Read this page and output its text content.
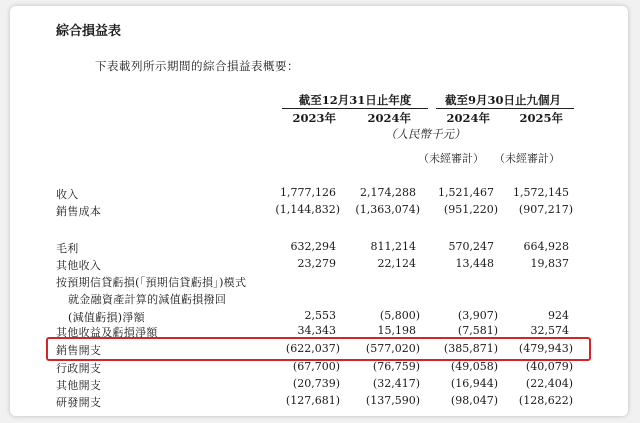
綜合損益表
下表載列所示期間的綜合損益表概要：
截至12月31日止年度	截至9月30日止九個月
2023年	2024年	2024年	2025年
（人民幣千元）
（未經審計） （未經審計）
收入	1,777,126	2,174,288	1,521,467	1,572,145
銷售成本	(1,144,832)	(1,363,074)	(951,220)	(907,217)
毛利	632,294	811,214	570,247	664,928
其他收入	23,279	22,124	13,448	19,837
按預期信貸虧損(「預期信貸虧損」)模式
就金融資產計算的減值虧損撥回
(減值虧損)淨額	2,553	(5,800)	(3,907)	924
其他收益及虧損淨額	34,343	15,198	(7,581)	32,574
銷售開支	(622,037)	(577,020)	(385,871)	(479,943)
行政開支	(67,700)	(76,759)	(49,058)	(40,079)
其他開支	(20,739)	(32,417)	(16,944)	(22,404)
研發開支	(127,681)	(137,590)	(98,047)	(128,622)
